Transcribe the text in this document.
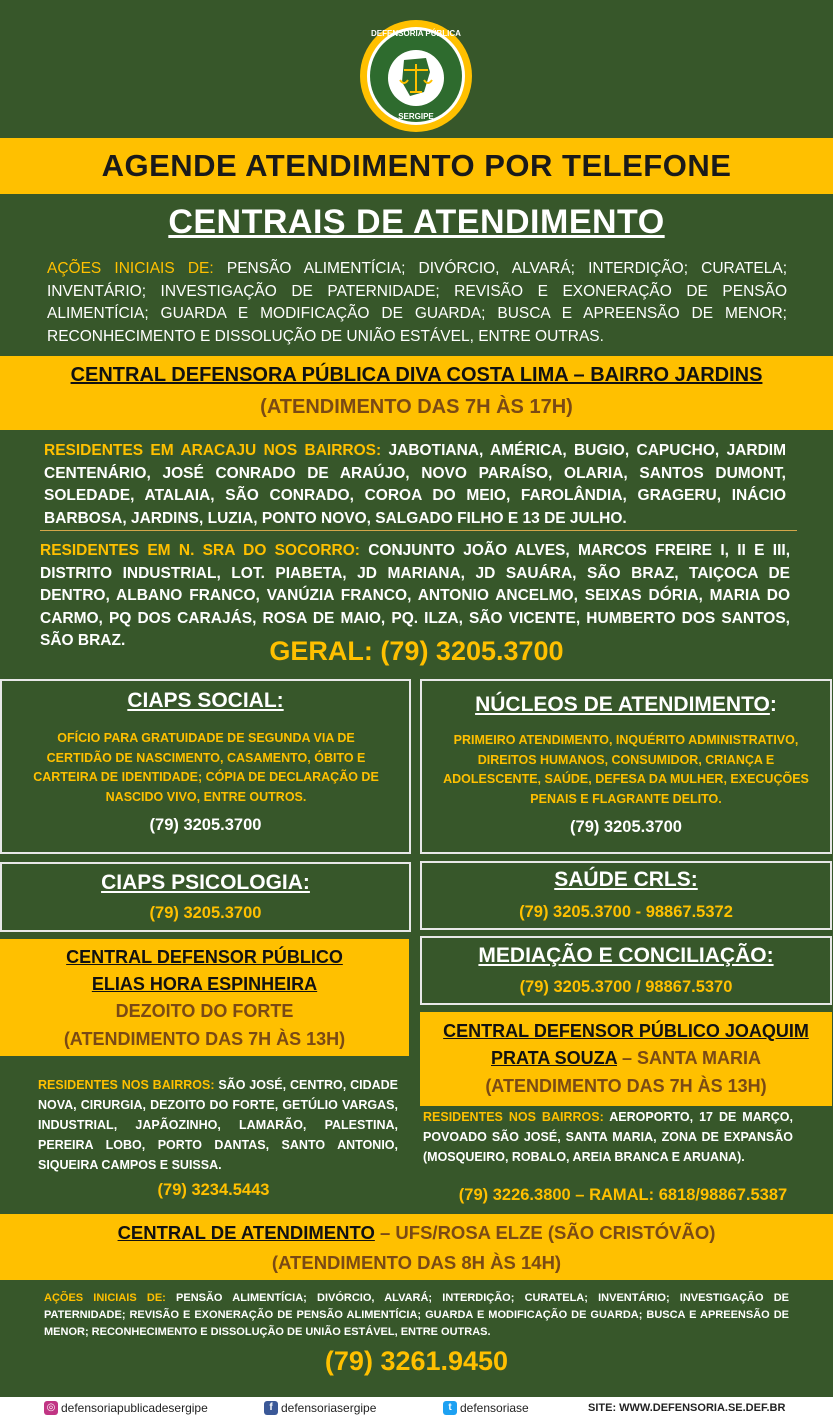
DEFENSORIA PÚBLICA
SERGIPE
AGENDE ATENDIMENTO POR TELEFONE
CENTRAIS DE ATENDIMENTO
AÇÕES INICIAIS DE: PENSÃO ALIMENTÍCIA; DIVÓRCIO, ALVARÁ; INTERDIÇÃO; CURATELA; INVENTÁRIO; INVESTIGAÇÃO DE PATERNIDADE; REVISÃO E EXONERAÇÃO DE PENSÃO ALIMENTÍCIA; GUARDA E MODIFICAÇÃO DE GUARDA; BUSCA E APREENSÃO DE MENOR; RECONHECIMENTO E DISSOLUÇÃO DE UNIÃO ESTÁVEL, ENTRE OUTRAS.
CENTRAL DEFENSORA PÚBLICA DIVA COSTA LIMA – BAIRRO JARDINS
(ATENDIMENTO DAS 7H ÀS 17H)
RESIDENTES EM ARACAJU NOS BAIRROS: JABOTIANA, AMÉRICA, BUGIO, CAPUCHO, JARDIM CENTENÁRIO, JOSÉ CONRADO DE ARAÚJO, NOVO PARAÍSO, OLARIA, SANTOS DUMONT, SOLEDADE, ATALAIA, SÃO CONRADO, COROA DO MEIO, FAROLÂNDIA, GRAGERU, INÁCIO BARBOSA, JARDINS, LUZIA, PONTO NOVO, SALGADO FILHO E 13 DE JULHO.
RESIDENTES EM N. SRA DO SOCORRO: CONJUNTO JOÃO ALVES, MARCOS FREIRE I, II E III, DISTRITO INDUSTRIAL, LOT. PIABETA, JD MARIANA, JD SAUÁRA, SÃO BRAZ, TAIÇOCA DE DENTRO, ALBANO FRANCO, VANÚZIA FRANCO, ANTONIO ANCELMO, SEIXAS DÓRIA, MARIA DO CARMO, PQ DOS CARAJÁS, ROSA DE MAIO, PQ. ILZA, SÃO VICENTE, HUMBERTO DOS SANTOS, SÃO BRAZ.	GERAL: (79) 3205.3700
CIAPS SOCIAL:
OFÍCIO PARA GRATUIDADE DE SEGUNDA VIA DE CERTIDÃO DE NASCIMENTO, CASAMENTO, ÓBITO E CARTEIRA DE IDENTIDADE; CÓPIA DE DECLARAÇÃO DE NASCIDO VIVO, ENTRE OUTROS.
(79) 3205.3700
NÚCLEOS DE ATENDIMENTO:
PRIMEIRO ATENDIMENTO, INQUÉRITO ADMINISTRATIVO, DIREITOS HUMANOS, CONSUMIDOR, CRIANÇA E ADOLESCENTE, SAÚDE, DEFESA DA MULHER, EXECUÇÕES PENAIS E FLAGRANTE DELITO.
(79) 3205.3700
CIAPS PSICOLOGIA:
(79) 3205.3700
SAÚDE CRLS:
(79) 3205.3700 - 98867.5372
MEDIAÇÃO E CONCILIAÇÃO:
(79) 3205.3700 / 98867.5370
CENTRAL DEFENSOR PÚBLICO
ELIAS HORA ESPINHEIRA
DEZOITO DO FORTE
(ATENDIMENTO DAS 7H ÀS 13H)
RESIDENTES NOS BAIRROS: SÃO JOSÉ, CENTRO, CIDADE NOVA, CIRURGIA, DEZOITO DO FORTE, GETÚLIO VARGAS, INDUSTRIAL, JAPÃOZINHO, LAMARÃO, PALESTINA, PEREIRA LOBO, PORTO DANTAS, SANTO ANTONIO, SIQUEIRA CAMPOS E SUISSA.
(79) 3234.5443
CENTRAL DEFENSOR PÚBLICO JOAQUIM
PRATA SOUZA – SANTA MARIA
(ATENDIMENTO DAS 7H ÀS 13H)
RESIDENTES NOS BAIRROS: AEROPORTO, 17 DE MARÇO, POVOADO SÃO JOSÉ, SANTA MARIA, ZONA DE EXPANSÃO (MOSQUEIRO, ROBALO, AREIA BRANCA E ARUANA).
(79) 3226.3800 – RAMAL: 6818/98867.5387
CENTRAL DE ATENDIMENTO – UFS/ROSA ELZE (SÃO CRISTÓVÃO)
(ATENDIMENTO DAS 8H ÀS 14H)
AÇÕES INICIAIS DE: PENSÃO ALIMENTÍCIA; DIVÓRCIO, ALVARÁ; INTERDIÇÃO; CURATELA; INVENTÁRIO; INVESTIGAÇÃO DE PATERNIDADE; REVISÃO E EXONERAÇÃO DE PENSÃO ALIMENTÍCIA; GUARDA E MODIFICAÇÃO DE GUARDA; BUSCA E APREENSÃO DE MENOR; RECONHECIMENTO E DISSOLUÇÃO DE UNIÃO ESTÁVEL, ENTRE OUTRAS.
(79) 3261.9450
◎ defensoriapublicadesergipe	f defensoriasergipe	t defensoriase	SITE: WWW.DEFENSORIA.SE.DEF.BR
